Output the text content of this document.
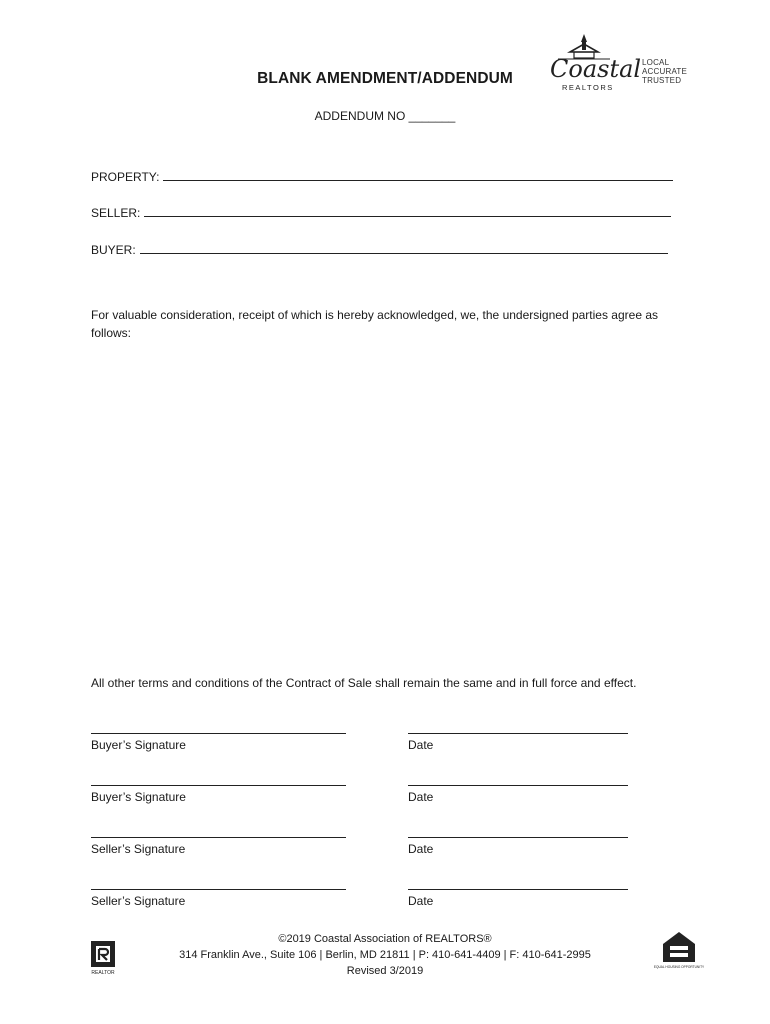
Coastal
REALTORS
LOCAL
ACCURATE
TRUSTED
BLANK AMENDMENT/ADDENDUM
ADDENDUM NO _______
PROPERTY:
SELLER:
BUYER:
For valuable consideration, receipt of which is hereby acknowledged, we, the undersigned parties agree as follows:
All other terms and conditions of the Contract of Sale shall remain the same and in full force and effect.
Buyer’s Signature	Date
Buyer’s Signature	Date
Seller’s Signature	Date
Seller’s Signature	Date
©2019 Coastal Association of REALTORS®
314 Franklin Ave., Suite 106 | Berlin, MD 21811 | P: 410-641-4409 | F: 410-641-2995
Revised 3/2019
REALTOR
EQUAL HOUSING OPPORTUNITY
